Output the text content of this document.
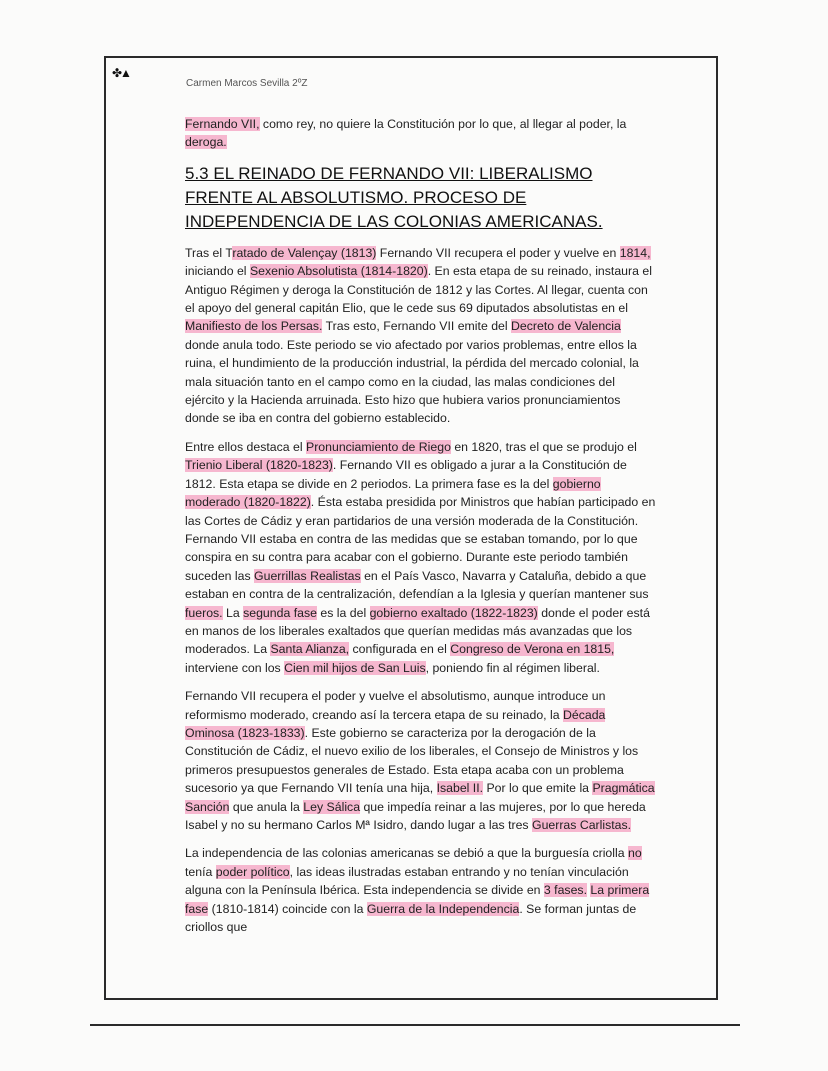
✤▲
Carmen Marcos Sevilla 2ºZ

Fernando VII, como rey, no quiere la Constitución por lo que, al llegar al poder, la deroga.

5.3 EL REINADO DE FERNANDO VII: LIBERALISMO FRENTE AL ABSOLUTISMO. PROCESO DE INDEPENDENCIA DE LAS COLONIAS AMERICANAS.

Tras el Tratado de Valençay (1813) Fernando VII recupera el poder y vuelve en 1814, iniciando el Sexenio Absolutista (1814-1820). En esta etapa de su reinado, instaura el Antiguo Régimen y deroga la Constitución de 1812 y las Cortes. Al llegar, cuenta con el apoyo del general capitán Elio, que le cede sus 69 diputados absolutistas en el Manifiesto de los Persas. Tras esto, Fernando VII emite del Decreto de Valencia donde anula todo. Este periodo se vio afectado por varios problemas, entre ellos la ruina, el hundimiento de la producción industrial, la pérdida del mercado colonial, la mala situación tanto en el campo como en la ciudad, las malas condiciones del ejército y la Hacienda arruinada. Esto hizo que hubiera varios pronunciamientos donde se iba en contra del gobierno establecido.

Entre ellos destaca el Pronunciamiento de Riego en 1820, tras el que se produjo el Trienio Liberal (1820-1823). Fernando VII es obligado a jurar a la Constitución de 1812. Esta etapa se divide en 2 periodos. La primera fase es la del gobierno moderado (1820-1822). Ésta estaba presidida por Ministros que habían participado en las Cortes de Cádiz y eran partidarios de una versión moderada de la Constitución. Fernando VII estaba en contra de las medidas que se estaban tomando, por lo que conspira en su contra para acabar con el gobierno. Durante este periodo también suceden las Guerrillas Realistas en el País Vasco, Navarra y Cataluña, debido a que estaban en contra de la centralización, defendían a la Iglesia y querían mantener sus fueros. La segunda fase es la del gobierno exaltado (1822-1823) donde el poder está en manos de los liberales exaltados que querían medidas más avanzadas que los moderados. La Santa Alianza, configurada en el Congreso de Verona en 1815, interviene con los Cien mil hijos de San Luis, poniendo fin al régimen liberal.

Fernando VII recupera el poder y vuelve el absolutismo, aunque introduce un reformismo moderado, creando así la tercera etapa de su reinado, la Década Ominosa (1823-1833). Este gobierno se caracteriza por la derogación de la Constitución de Cádiz, el nuevo exilio de los liberales, el Consejo de Ministros y los primeros presupuestos generales de Estado. Esta etapa acaba con un problema sucesorio ya que Fernando VII tenía una hija, Isabel II. Por lo que emite la Pragmática Sanción que anula la Ley Sálica que impedía reinar a las mujeres, por lo que hereda Isabel y no su hermano Carlos Mª Isidro, dando lugar a las tres Guerras Carlistas.

La independencia de las colonias americanas se debió a que la burguesía criolla no tenía poder político, las ideas ilustradas estaban entrando y no tenían vinculación alguna con la Península Ibérica. Esta independencia se divide en 3 fases. La primera fase (1810-1814) coincide con la Guerra de la Independencia. Se forman juntas de criollos que
